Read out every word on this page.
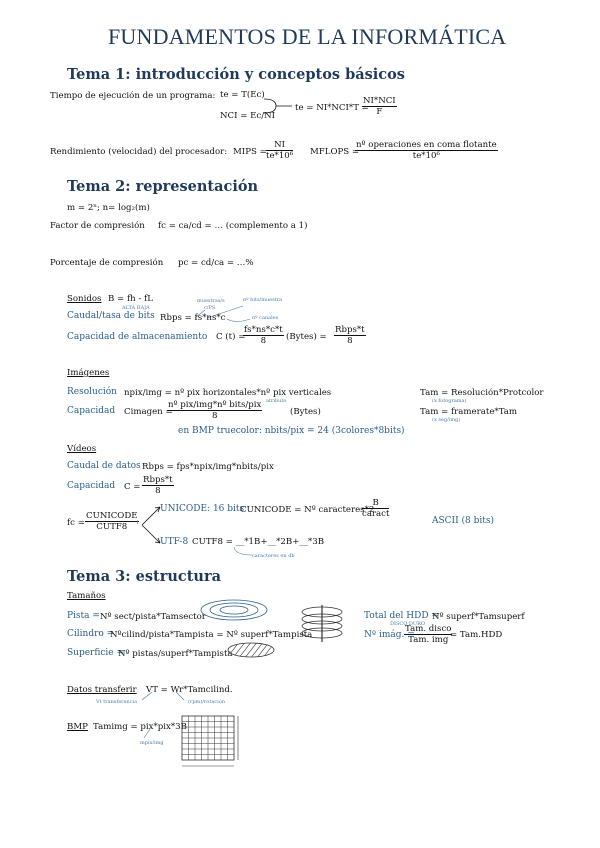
FUNDAMENTOS DE LA INFORMÁTICA
Tema 1: introducción y conceptos básicos
Tiempo de ejecución de un programa: te = T(Ec)
NCI = Ec/NI
te = NI*NCI*T =
$\frac{\text{NI*NCI}}{F}$
Rendimiento (velocidad) del procesador: MIPS = $\frac{NI}{\text{te*10⁶}}$ MFLOPS =
$\frac{\text{nº operaciones en coma flotante}}{\text{te*10⁶}}$
Tema 2: representación
m = 2ⁿ; n= log₂(m)
Factor de compresión fc = ca/cd = … (complemento a 1)
Porcentaje de compresión pc = cd/ca = …%
Sonidos B = fh - fL
ALTA BAJA
muestras/s
c/PS
nº bits/muestra
Caudal/tasa de bits Rbps = fs*ns*c	nº canales
Capacidad de almacenamiento C (t) =
$\frac{fs*ns*c*t}{8}$ (Bytes) = $\frac{\text{Rbps*t}}{8}$
Imágenes
Resolución npix/img = nº pix horizontales*nº pix verticales
atributo
Tam = Resolución*Protcolor
(x fotograma)
Capacidad Cimagen =
$\frac{\text{nº pix/img*nº bits/pix}}{8}$	(Bytes)	Tam = framerate*Tam
(x seg/img)
en BMP truecolor: nbits/pix = 24 (3colores*8bits)
Vídeos
Caudal de datos Rbps = fps*npix/img*nbits/pix
Capacidad $C = \frac{\text{Rbps*t}}{8}$
fc = $\frac{\text{CUNICODE}}{\text{CUTF8}}$
1
UNICODE: 16 bits
CUNICODE = Nº caracteres*2
$\frac{B}{\text{caract}}$
ASCII (8 bits)
UTF-8 CUTF8 = __*1B+__*2B+__*3B
caracteres en db
Tema 3: estructura
Tamaños
Pista = Nº sect/pista*Tamsector	Total del HDD =
Nº superf*Tamsuperf
DISCO DURO
Cilindro =
Nºcilind/pista*Tampista = Nº superf*Tampista	Nº imág. =
$\frac{\text{Tam. disco}}{\text{Tam. img}}$
= Tam.HDD
Superficie =
Nº pistas/superf*Tampista
Datos transferir VT = Wr*Tamcilind.
Vt transferencia	(rpm)/rotación
BMP Tamimg = pix*pix*3B
mpix/img
